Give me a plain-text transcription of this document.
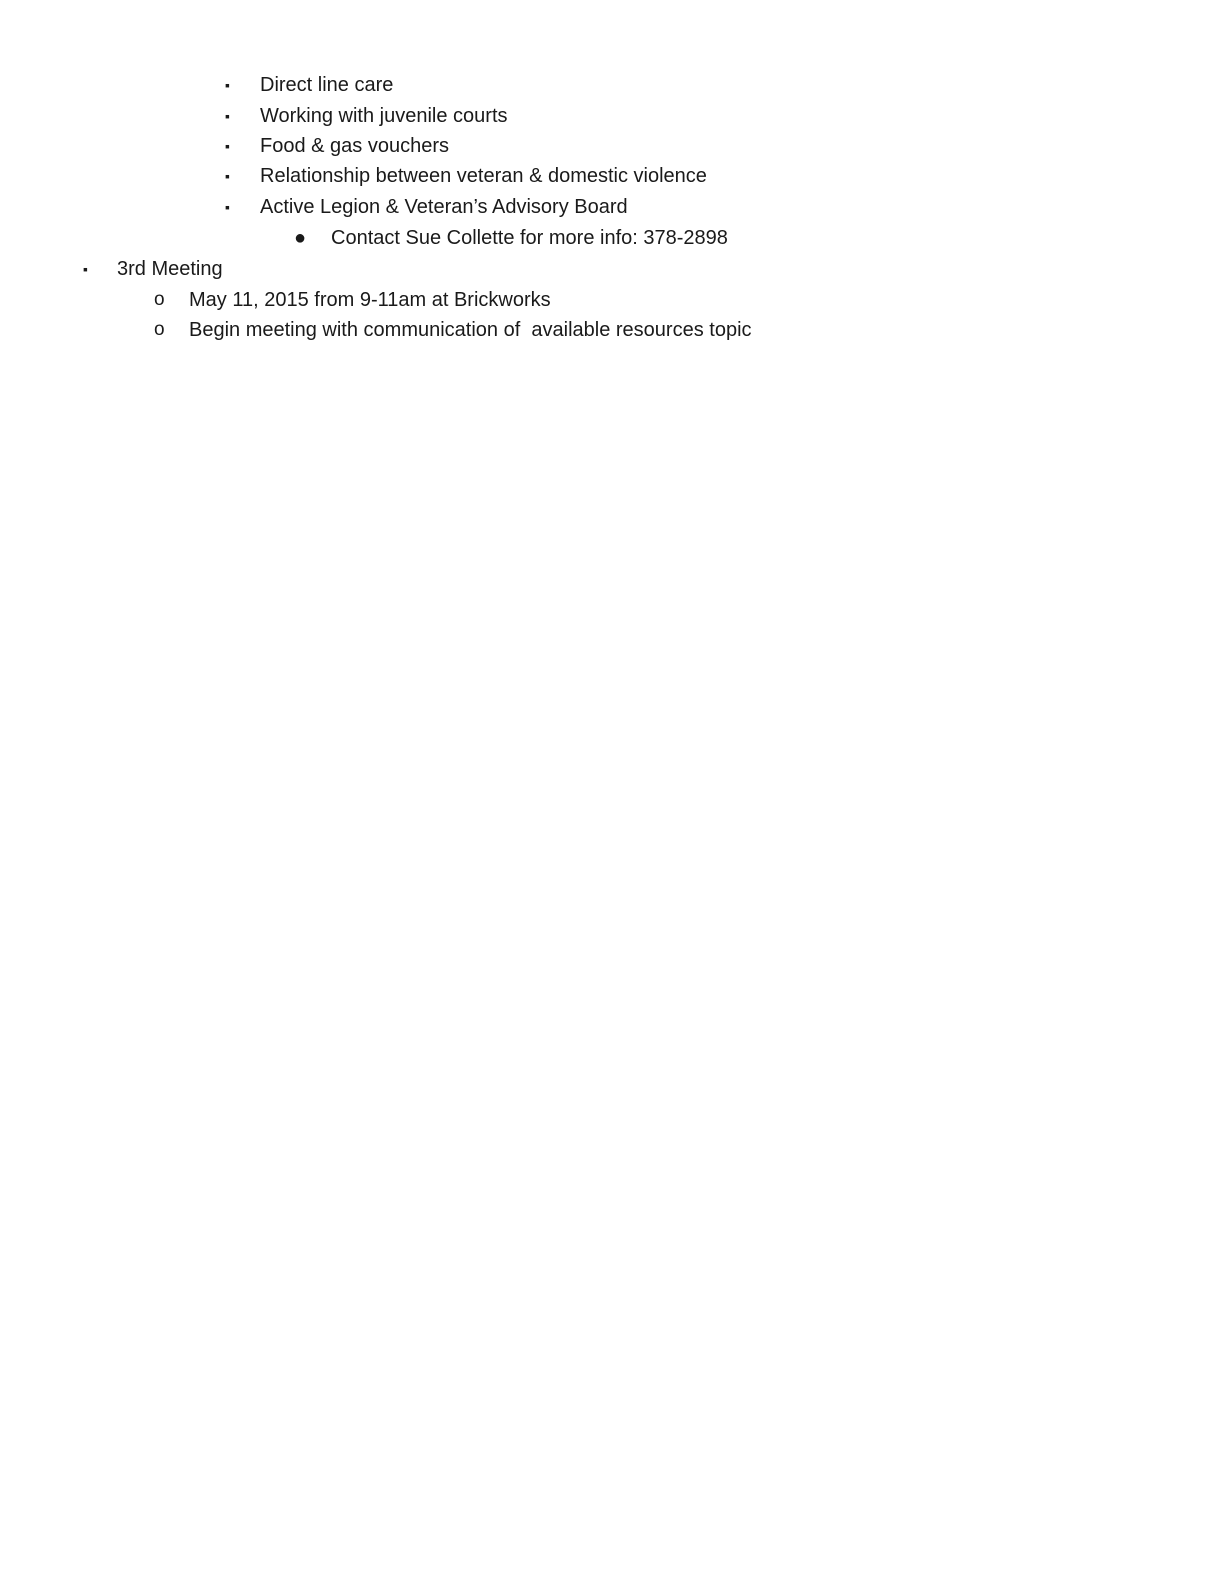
▪ Direct line care
▪ Working with juvenile courts
▪ Food & gas vouchers
▪ Relationship between veteran & domestic violence
▪ Active Legion & Veteran’s Advisory Board
● Contact Sue Collette for more info: 378-2898
▪ 3rd Meeting
o May 11, 2015 from 9-11am at Brickworks
o Begin meeting with communication of  available resources topic
